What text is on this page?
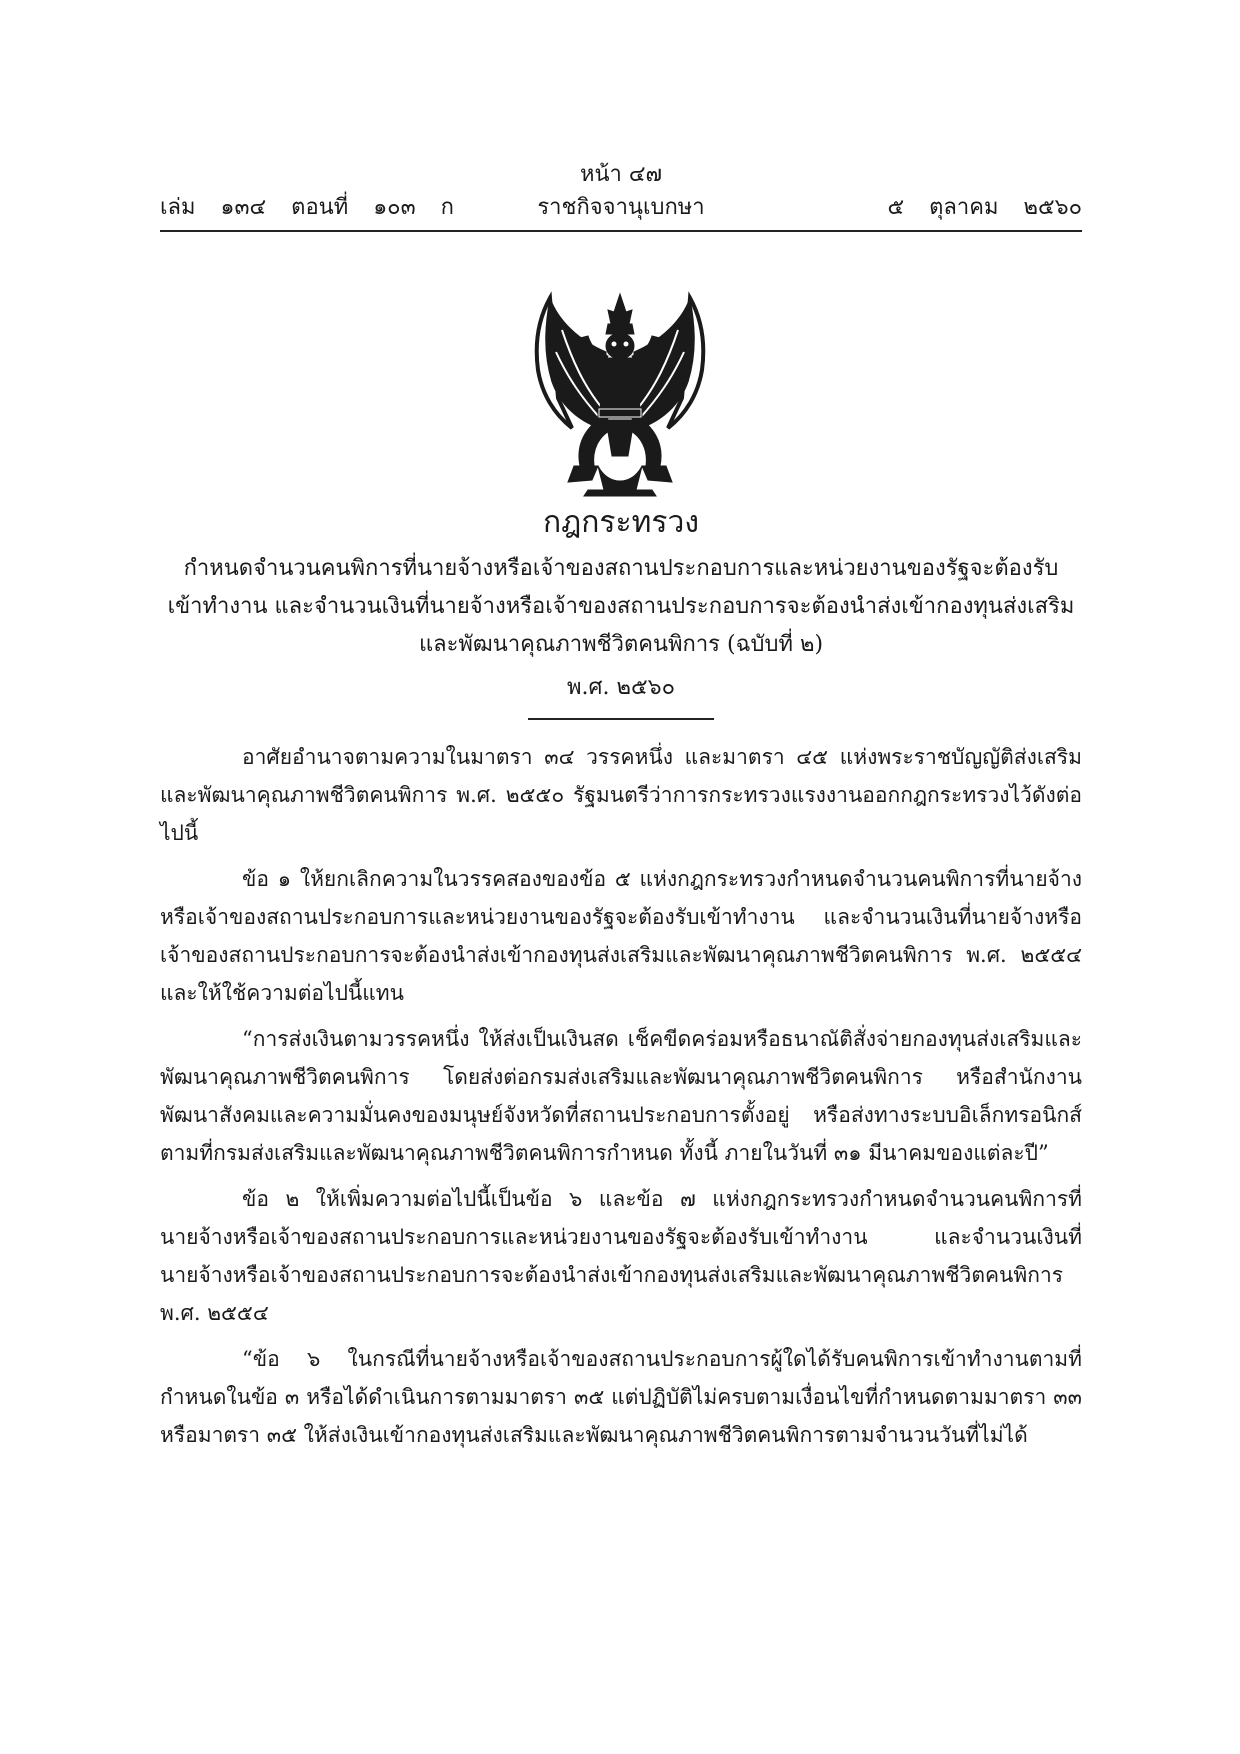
หน้า ๔๗
เล่ม ๑๓๔ ตอนที่ ๑๐๓ ก	ราชกิจจานุเบกษา	๕ ตุลาคม ๒๕๖๐
กฎกระทรวง

กำหนดจำนวนคนพิการที่นายจ้างหรือเจ้าของสถานประกอบการและหน่วยงานของรัฐจะต้องรับ

เข้าทำงาน และจำนวนเงินที่นายจ้างหรือเจ้าของสถานประกอบการจะต้องนำส่งเข้ากองทุนส่งเสริม

และพัฒนาคุณภาพชีวิตคนพิการ (ฉบับที่ ๒)

พ.ศ. ๒๕๖๐

อาศัยอำนาจตามความในมาตรา ๓๔ วรรคหนึ่ง และมาตรา ๔๕ แห่งพระราชบัญญัติส่งเสริมและพัฒนาคุณภาพชีวิตคนพิการ พ.ศ. ๒๕๕๐ รัฐมนตรีว่าการกระทรวงแรงงานออกกฎกระทรวงไว้ดังต่อไปนี้

ข้อ ๑ ให้ยกเลิกความในวรรคสองของข้อ ๕ แห่งกฎกระทรวงกำหนดจำนวนคนพิการที่นายจ้างหรือเจ้าของสถานประกอบการและหน่วยงานของรัฐจะต้องรับเข้าทำงาน และจำนวนเงินที่นายจ้างหรือเจ้าของสถานประกอบการจะต้องนำส่งเข้ากองทุนส่งเสริมและพัฒนาคุณภาพชีวิตคนพิการ พ.ศ. ๒๕๕๔ และให้ใช้ความต่อไปนี้แทน

“การส่งเงินตามวรรคหนึ่ง ให้ส่งเป็นเงินสด เช็คขีดคร่อมหรือธนาณัติสั่งจ่ายกองทุนส่งเสริมและพัฒนาคุณภาพชีวิตคนพิการ โดยส่งต่อกรมส่งเสริมและพัฒนาคุณภาพชีวิตคนพิการ หรือสำนักงานพัฒนาสังคมและความมั่นคงของมนุษย์จังหวัดที่สถานประกอบการตั้งอยู่ หรือส่งทางระบบอิเล็กทรอนิกส์ตามที่กรมส่งเสริมและพัฒนาคุณภาพชีวิตคนพิการกำหนด ทั้งนี้ ภายในวันที่ ๓๑ มีนาคมของแต่ละปี”

ข้อ ๒ ให้เพิ่มความต่อไปนี้เป็นข้อ ๖ และข้อ ๗ แห่งกฎกระทรวงกำหนดจำนวนคนพิการที่นายจ้างหรือเจ้าของสถานประกอบการและหน่วยงานของรัฐจะต้องรับเข้าทำงาน และจำนวนเงินที่นายจ้างหรือเจ้าของสถานประกอบการจะต้องนำส่งเข้ากองทุนส่งเสริมและพัฒนาคุณภาพชีวิตคนพิการ พ.ศ. ๒๕๕๔

“ข้อ ๖ ในกรณีที่นายจ้างหรือเจ้าของสถานประกอบการผู้ใดได้รับคนพิการเข้าทำงานตามที่กำหนดในข้อ ๓ หรือได้ดำเนินการตามมาตรา ๓๕ แต่ปฏิบัติไม่ครบตามเงื่อนไขที่กำหนดตามมาตรา ๓๓ หรือมาตรา ๓๕ ให้ส่งเงินเข้ากองทุนส่งเสริมและพัฒนาคุณภาพชีวิตคนพิการตามจำนวนวันที่ไม่ได้
